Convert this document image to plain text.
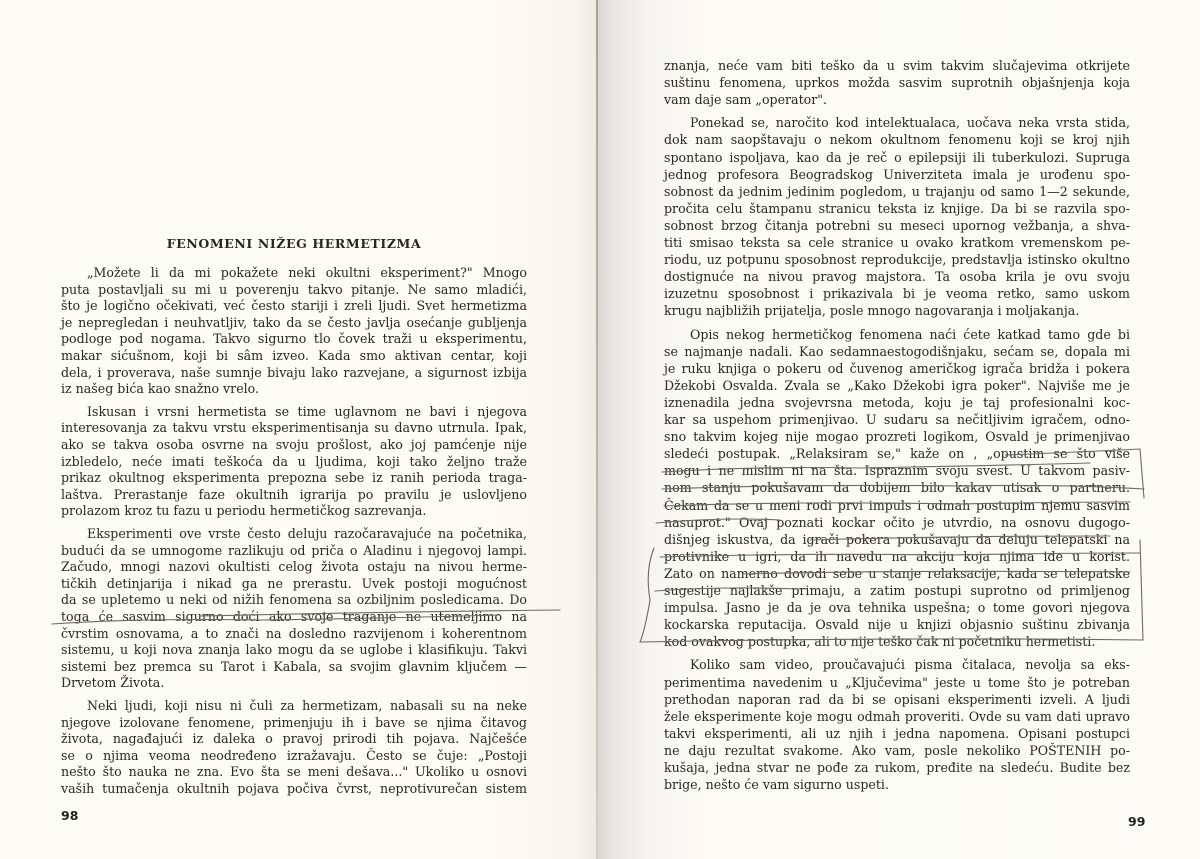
FENOMENI NIŽEG HERMETIZMA
„Možete li da mi pokažete neki okultni eksperiment?" Mnogo
puta postavljali su mi u poverenju takvo pitanje. Ne samo mladići,
što je logično očekivati, već često stariji i zreli ljudi. Svet hermetizma
je nepregledan i neuhvatljiv, tako da se često javlja osećanje gubljenja
podloge pod nogama. Takvo sigurno tlo čovek traži u eksperimentu,
makar sićušnom, koji bi sâm izveo. Kada smo aktivan centar, koji
dela, i proverava, naše sumnje bivaju lako razvejane, a sigurnost izbija
iz našeg bića kao snažno vrelo.
Iskusan i vrsni hermetista se time uglavnom ne bavi i njegova
interesovanja za takvu vrstu eksperimentisanja su davno utrnula. Ipak,
ako se takva osoba osvrne na svoju prošlost, ako joj pamćenje nije
izbledelo, neće imati teškoća da u ljudima, koji tako željno traže
prikaz okultnog eksperimenta prepozna sebe iz ranih perioda traga-
laštva. Prerastanje faze okultnih igrarija po pravilu je uslovljeno
prolazom kroz tu fazu u periodu hermetičkog sazrevanja.
Eksperimenti ove vrste često deluju razočaravajuće na početnika,
budući da se umnogome razlikuju od priča o Aladinu i njegovoj lampi.
Začudo, mnogi nazovi okultisti celog života ostaju na nivou herme-
tičkih detinjarija i nikad ga ne prerastu. Uvek postoji mogućnost
da se upletemo u neki od nižih fenomena sa ozbiljnim posledicama. Do
toga će sasvim sigurno doći ako svoje traganje ne utemeljimo na
čvrstim osnovama, a to znači na dosledno razvijenom i koherentnom
sistemu, u koji nova znanja lako mogu da se uglobe i klasifikuju. Takvi
sistemi bez premca su Tarot i Kabala, sa svojim glavnim ključem —
Drvetom Života.
Neki ljudi, koji nisu ni čuli za hermetizam, nabasali su na neke
njegove izolovane fenomene, primenjuju ih i bave se njima čitavog
života, nagađajući iz daleka o pravoj prirodi tih pojava. Najčešće
se o njima veoma neodređeno izražavaju. Često se čuje: „Postoji
nešto što nauka ne zna. Evo šta se meni dešava..." Ukoliko u osnovi
vaših tumačenja okultnih pojava počiva čvrst, neprotivurečan sistem
znanja, neće vam biti teško da u svim takvim slučajevima otkrijete
suštinu fenomena, uprkos možda sasvim suprotnih objašnjenja koja
vam daje sam „operator".
Ponekad se, naročito kod intelektualaca, uočava neka vrsta stida,
dok nam saopštavaju o nekom okultnom fenomenu koji se kroj njih
spontano ispoljava, kao da je reč o epilepsiji ili tuberkulozi. Supruga
jednog profesora Beogradskog Univerziteta imala je urođenu spo-
sobnost da jednim jedinim pogledom, u trajanju od samo 1—2 sekunde,
pročita celu štampanu stranicu teksta iz knjige. Da bi se razvila spo-
sobnost brzog čitanja potrebni su meseci upornog vežbanja, a shva-
titi smisao teksta sa cele stranice u ovako kratkom vremenskom pe-
riodu, uz potpunu sposobnost reprodukcije, predstavlja istinsko okultno
dostignuće na nivou pravog majstora. Ta osoba krila je ovu svoju
izuzetnu sposobnost i prikazivala bi je veoma retko, samo uskom
krugu najbližih prijatelja, posle mnogo nagovaranja i moljakanja.
Opis nekog hermetičkog fenomena naći ćete katkad tamo gde bi
se najmanje nadali. Kao sedamnaestogodišnjaku, sećam se, dopala mi
je ruku knjiga o pokeru od čuvenog američkog igrača bridža i pokera
Džekobi Osvalda. Zvala se „Kako Džekobi igra poker". Najviše me je
iznenadila jedna svojevrsna metoda, koju je taj profesionalni koc-
kar sa uspehom primenjivao. U sudaru sa nečitljivim igračem, odno-
sno takvim kojeg nije mogao prozreti logikom, Osvald je primenjivao
sledeći postupak. „Relaksiram se," kaže on , „opustim se što više
mogu i ne mislim ni na šta. Ispraznim svoju svest. U takvom pasiv-
nom stanju pokušavam da dobijem bilo kakav utisak o partneru.
Čekam da se u meni rodi prvi impuls i odmah postupim njemu sasvim
nasuprot." Ovaj poznati kockar očito je utvrdio, na osnovu dugogo-
dišnjeg iskustva, da igrači pokera pokušavaju da deluju telepatski na
protivnike u igri, da ih navedu na akciju koja njima ide u korist.
Zato on namerno dovodi sebe u stanje relaksacije, kada se telepatske
sugestije najlakše primaju, a zatim postupi suprotno od primljenog
impulsa. Jasno je da je ova tehnika uspešna; o tome govori njegova
kockarska reputacija. Osvald nije u knjizi objasnio suštinu zbivanja
kod ovakvog postupka, ali to nije teško čak ni početniku hermetisti.
Koliko sam video, proučavajući pisma čitalaca, nevolja sa eks-
perimentima navedenim u „Ključevima" jeste u tome što je potreban
prethodan naporan rad da bi se opisani eksperimenti izveli. A ljudi
žele eksperimente koje mogu odmah proveriti. Ovde su vam dati upravo
takvi eksperimenti, ali uz njih i jedna napomena. Opisani postupci
ne daju rezultat svakome. Ako vam, posle nekoliko POŠTENIH po-
kušaja, jedna stvar ne pođe za rukom, pređite na sledeću. Budite bez
brige, nešto će vam sigurno uspeti.
98	99
